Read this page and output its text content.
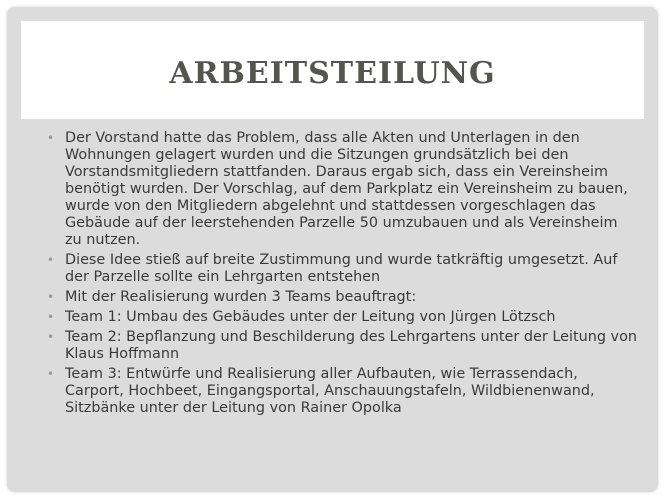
ARBEITSTEILUNG
• Der Vorstand hatte das Problem, dass alle Akten und Unterlagen in den Wohnungen gelagert wurden und die Sitzungen grundsätzlich bei den Vorstandsmitgliedern stattfanden. Daraus ergab sich, dass ein Vereinsheim benötigt wurden. Der Vorschlag, auf dem Parkplatz ein Vereinsheim zu bauen, wurde von den Mitgliedern abgelehnt und stattdessen vorgeschlagen das Gebäude auf der leerstehenden Parzelle 50 umzubauen und als Vereinsheim zu nutzen.
• Diese Idee stieß auf breite Zustimmung und wurde tatkräftig umgesetzt. Auf der Parzelle sollte ein Lehrgarten entstehen
• Mit der Realisierung wurden 3 Teams beauftragt:
• Team 1: Umbau des Gebäudes unter der Leitung von Jürgen Lötzsch
• Team 2: Bepflanzung und Beschilderung des Lehrgartens unter der Leitung von Klaus Hoffmann
• Team 3: Entwürfe und Realisierung aller Aufbauten, wie Terrassendach, Carport, Hochbeet, Eingangsportal, Anschauungstafeln, Wildbienenwand, Sitzbänke unter der Leitung von Rainer Opolka
